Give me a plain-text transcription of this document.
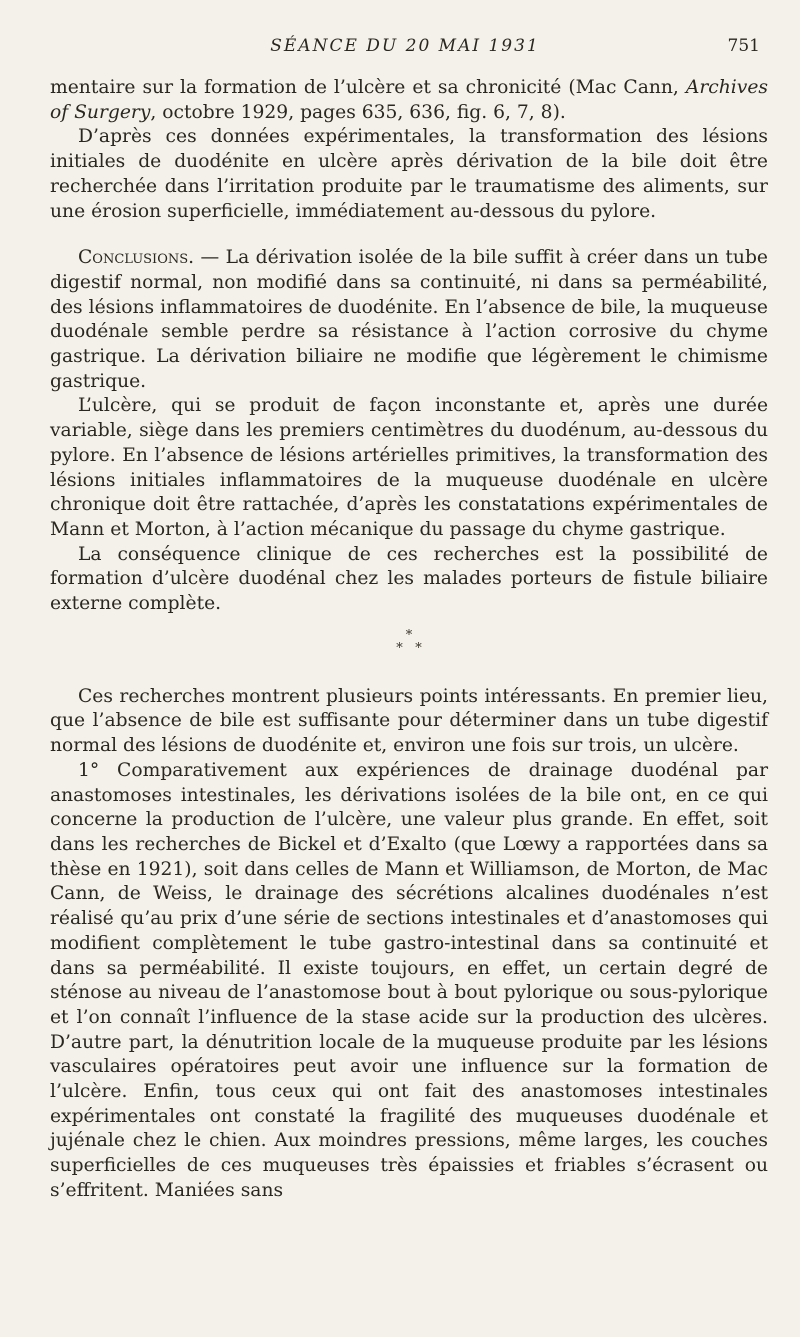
SÉANCE DU 20 MAI 1931	751

mentaire sur la formation de l’ulcère et sa chronicité (Mac Cann, Archives of Surgery, octobre 1929, pages 635, 636, fig. 6, 7, 8).

D’après ces données expérimentales, la transformation des lésions initiales de duodénite en ulcère après dérivation de la bile doit être recherchée dans l’irritation produite par le traumatisme des aliments, sur une érosion superficielle, immédiatement au-dessous du pylore.

Conclusions. — La dérivation isolée de la bile suffit à créer dans un tube digestif normal, non modifié dans sa continuité, ni dans sa perméabilité, des lésions inflammatoires de duodénite. En l’absence de bile, la muqueuse duodénale semble perdre sa résistance à l’action corrosive du chyme gastrique. La dérivation biliaire ne modifie que légèrement le chimisme gastrique.

L’ulcère, qui se produit de façon inconstante et, après une durée variable, siège dans les premiers centimètres du duodénum, au-dessous du pylore. En l’absence de lésions artérielles primitives, la transformation des lésions initiales inflammatoires de la muqueuse duodénale en ulcère chronique doit être rattachée, d’après les constatations expérimentales de Mann et Morton, à l’action mécanique du passage du chyme gastrique.

La conséquence clinique de ces recherches est la possibilité de formation d’ulcère duodénal chez les malades porteurs de fistule biliaire externe complète.

*
*   *

Ces recherches montrent plusieurs points intéressants. En premier lieu, que l’absence de bile est suffisante pour déterminer dans un tube digestif normal des lésions de duodénite et, environ une fois sur trois, un ulcère.

1° Comparativement aux expériences de drainage duodénal par anastomoses intestinales, les dérivations isolées de la bile ont, en ce qui concerne la production de l’ulcère, une valeur plus grande. En effet, soit dans les recherches de Bickel et d’Exalto (que Lœwy a rapportées dans sa thèse en 1921), soit dans celles de Mann et Williamson, de Morton, de Mac Cann, de Weiss, le drainage des sécrétions alcalines duodénales n’est réalisé qu’au prix d’une série de sections intestinales et d’anastomoses qui modifient complètement le tube gastro-intestinal dans sa continuité et dans sa perméabilité. Il existe toujours, en effet, un certain degré de sténose au niveau de l’anastomose bout à bout pylorique ou sous-pylorique et l’on connaît l’influence de la stase acide sur la production des ulcères. D’autre part, la dénutrition locale de la muqueuse produite par les lésions vasculaires opératoires peut avoir une influence sur la formation de l’ulcère. Enfin, tous ceux qui ont fait des anastomoses intestinales expérimentales ont constaté la fragilité des muqueuses duodénale et jujénale chez le chien. Aux moindres pressions, même larges, les couches superficielles de ces muqueuses très épaissies et friables s’écrasent ou s’effritent. Maniées sans
